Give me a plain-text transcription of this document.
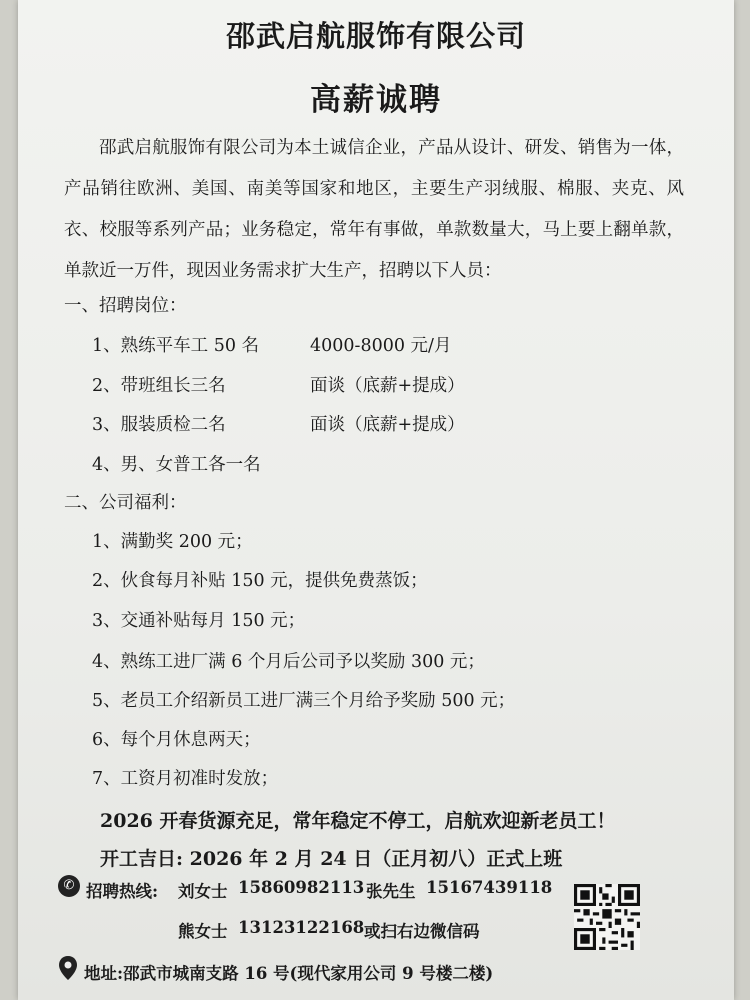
邵武启航服饰有限公司
高薪诚聘
邵武启航服饰有限公司为本土诚信企业，产品从设计、研发、销售为一体，产品销往欧洲、美国、南美等国家和地区，主要生产羽绒服、棉服、夹克、风衣、校服等系列产品；业务稳定，常年有事做，单款数量大，马上要上翻单款，单款近一万件，现因业务需求扩大生产，招聘以下人员：
一、招聘岗位：
1、熟练平车工 50 名	4000-8000 元/月
2、带班组长三名	面谈（底薪+提成）
3、服装质检二名	面谈（底薪+提成）
4、男、女普工各一名
二、公司福利：
1、满勤奖 200 元；
2、伙食每月补贴 150 元，提供免费蒸饭；
3、交通补贴每月 150 元；
4、熟练工进厂满 6 个月后公司予以奖励 300 元；
5、老员工介绍新员工进厂满三个月给予奖励 500 元；
6、每个月休息两天；
7、工资月初准时发放；
2026 开春货源充足，常年稳定不停工，启航欢迎新老员工！
开工吉日: 2026 年 2 月 24 日（正月初八）正式上班
✆ 招聘热线: 刘女士 15860982113 张先生 15167439118
熊女士 13123122168 或扫右边微信码
地址:邵武市城南支路 16 号(现代家用公司 9 号楼二楼)
